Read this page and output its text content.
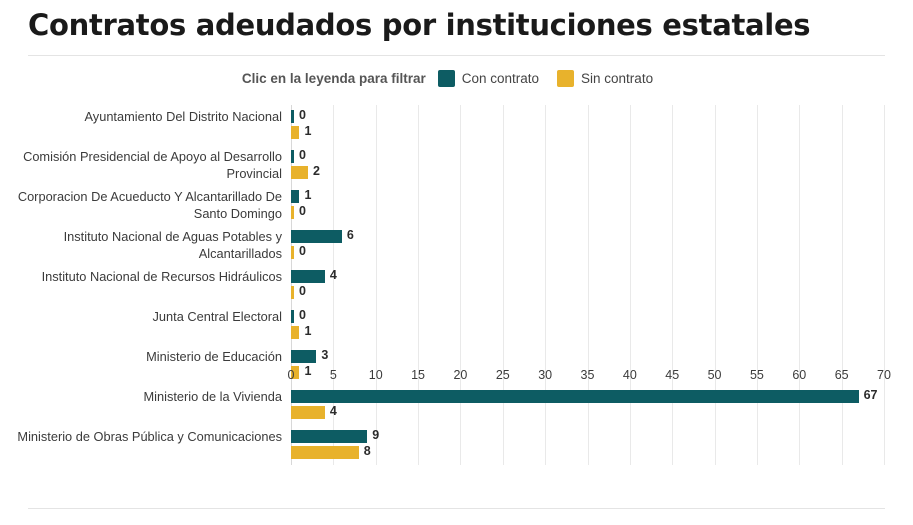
Contratos adeudados por instituciones estatales
Clic en la leyenda para filtrar	Con contrato	Sin contrato
Ayuntamiento Del Distrito Nacional
Comisión Presidencial de Apoyo al Desarrollo Provincial
Corporacion De Acueducto Y Alcantarillado De Santo Domingo
Instituto Nacional de Aguas Potables y Alcantarillados
Instituto Nacional de Recursos Hidráulicos
Junta Central Electoral
Ministerio de Educación
Ministerio de la Vivienda
Ministerio de Obras Pública y Comunicaciones
0
1
0
2
1
0
6
0
4
0
0
1
3
1
67
4
9
8
0	5	10 15 20 25 30 35 40 45 50 55 60 65 70
